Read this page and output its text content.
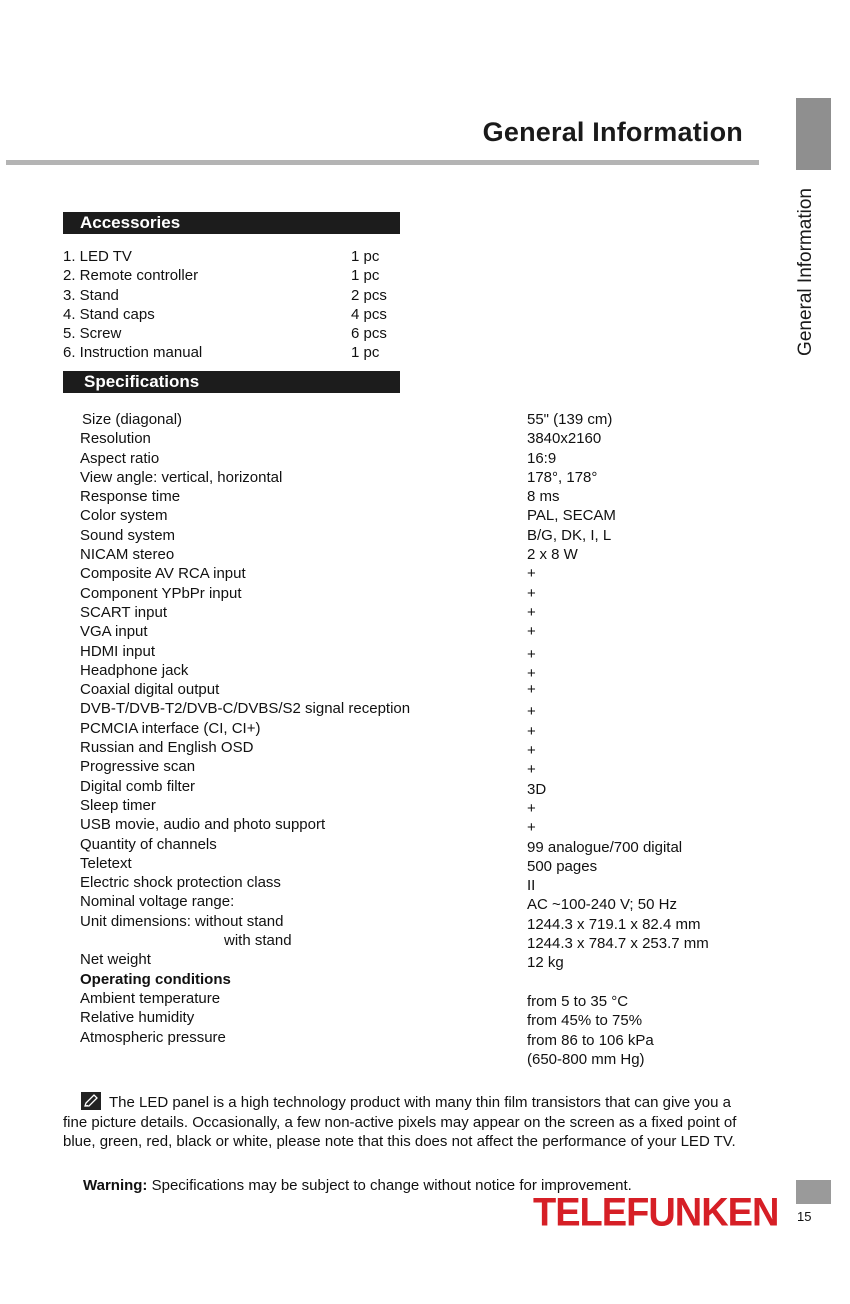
General Information
General Information
Accessories
1. LED TV	1 pc
2. Remote controller	1 pc
3. Stand	2 pcs
4. Stand caps	4 pcs
5. Screw	6 pcs
6. Instruction manual	1 pc
Specifications
Size (diagonal)	55" (139 cm)
Resolution	3840x2160
Aspect ratio	16:9
View angle: vertical, horizontal	178°, 178°
Response time	8 ms
Color system	PAL, SECAM
Sound system	B/G, DK, I, L
NICAM stereo	2 x 8 W
Composite AV RCA input	+
Component YPbPr input	+
SCART input	+
VGA input	+
HDMI input	+
Headphone jack	+
Coaxial digital output	+
DVB-T/DVB-T2/DVB-C/DVBS/S2 signal reception	+
PCMCIA interface (CI, CI+)	+
Russian and English OSD	+
Progressive scan	+
Digital comb filter	3D
Sleep timer	+
USB movie, audio and photo support	+
Quantity of channels	99 analogue/700 digital
Teletext	500 pages
Electric shock protection class	II
Nominal voltage range:	AC ~100-240 V; 50 Hz
Unit dimensions: without stand	1244.3 x 719.1 x 82.4 mm
with stand	1244.3 x 784.7 x 253.7 mm
Net weight	12 kg
Operating conditions
Ambient temperature	from 5 to 35 °C
Relative humidity	from 45% to 75%
Atmospheric pressure	from 86 to 106 kPa
(650-800 mm Hg)
The LED panel is a high technology product with many thin film transistors that can give you a fine picture details. Occasionally, a few non-active pixels may appear on the screen as a fixed point of blue, green, red, black or white, please note that this does not affect the performance of your LED TV.
Warning: Specifications may be subject to change without notice for improvement.
TELEFUNKEN 15
